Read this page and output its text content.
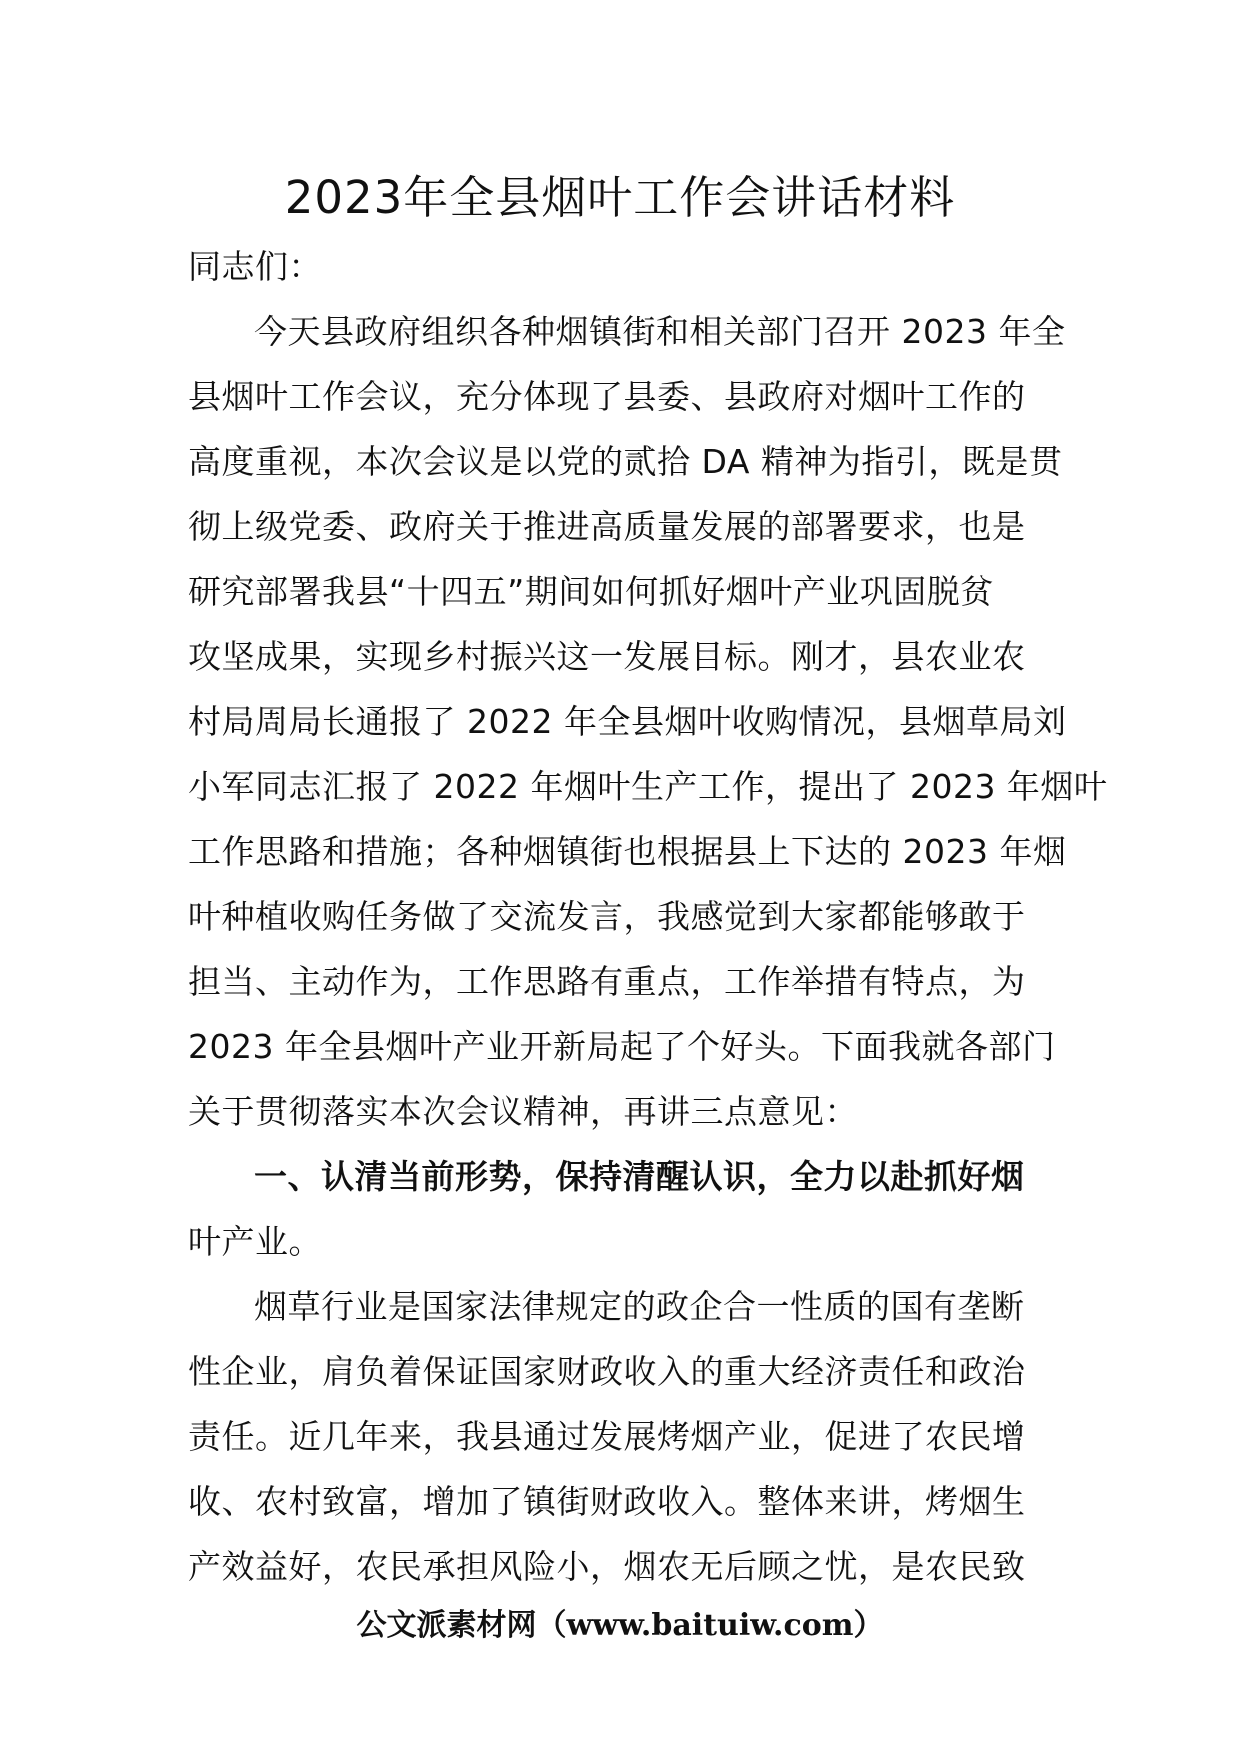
2023年全县烟叶工作会讲话材料
同志们：
今天县政府组织各种烟镇街和相关部门召开 2023 年全
县烟叶工作会议，充分体现了县委、县政府对烟叶工作的
高度重视，本次会议是以党的贰拾 DA 精神为指引，既是贯
彻上级党委、政府关于推进高质量发展的部署要求，也是
研究部署我县“十四五”期间如何抓好烟叶产业巩固脱贫
攻坚成果，实现乡村振兴这一发展目标。刚才，县农业农
村局周局长通报了 2022 年全县烟叶收购情况，县烟草局刘
小军同志汇报了 2022 年烟叶生产工作，提出了 2023 年烟叶
工作思路和措施；各种烟镇街也根据县上下达的 2023 年烟
叶种植收购任务做了交流发言，我感觉到大家都能够敢于
担当、主动作为，工作思路有重点，工作举措有特点，为
2023 年全县烟叶产业开新局起了个好头。下面我就各部门
关于贯彻落实本次会议精神，再讲三点意见：
一、认清当前形势，保持清醒认识，全力以赴抓好烟
叶产业。
烟草行业是国家法律规定的政企合一性质的国有垄断
性企业，肩负着保证国家财政收入的重大经济责任和政治
责任。近几年来，我县通过发展烤烟产业，促进了农民增
收、农村致富，增加了镇街财政收入。整体来讲，烤烟生
产效益好，农民承担风险小，烟农无后顾之忧，是农民致
公文派素材网（www.baituiw.com）
